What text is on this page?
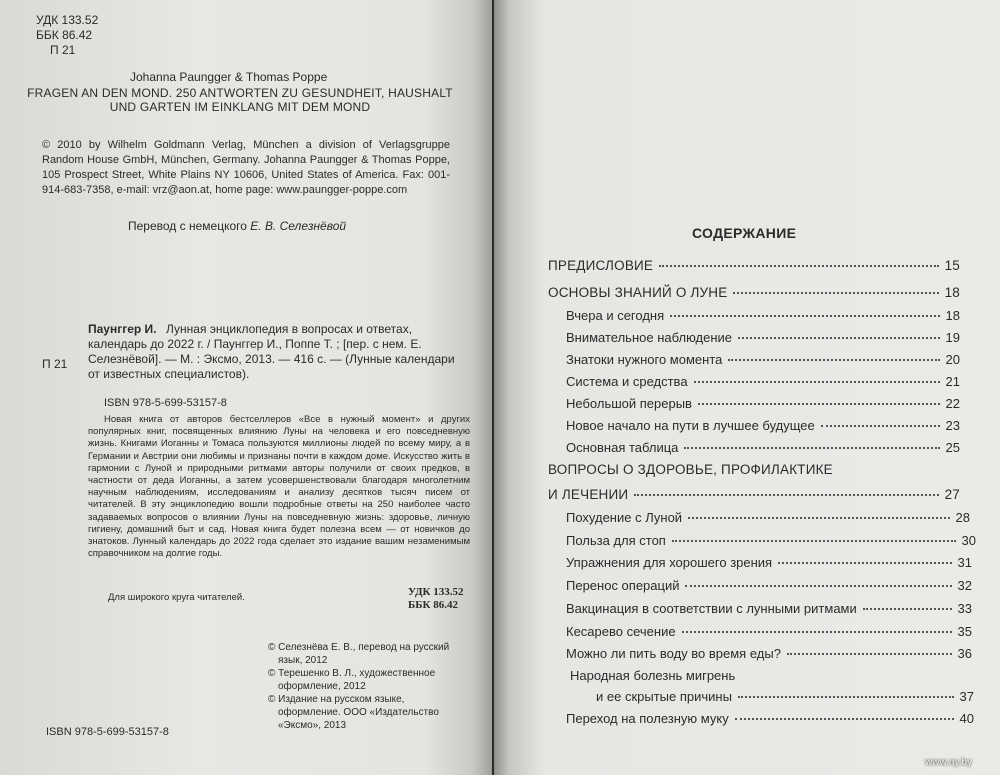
УДК 133.52
ББК 86.42
П 21
Johanna Paungger & Thomas Poppe
FRAGEN AN DEN MOND. 250 ANTWORTEN ZU GESUNDHEIT, HAUSHALT UND GARTEN IM EINKLANG MIT DEM MOND
© 2010 by Wilhelm Goldmann Verlag, München a division of Verlagsgruppe Random House GmbH, München, Germany. Johanna Paungger & Thomas Poppe, 105 Prospect Street, White Plains NY 10606, United States of America. Fax: 001-914-683-7358, e-mail: vrz@aon.at, home page: www.paungger-poppe.com
Перевод с немецкого Е. В. Селезнёвой
Паунггер И.
П 21
Лунная энциклопедия в вопросах и ответах, календарь до 2022 г. / Паунггер И., Поппе Т. ; [пер. с нем. Е. Селезнёвой]. — М. : Эксмо, 2013. — 416 с. — (Лунные календари от известных специалистов).
ISBN 978-5-699-53157-8
Новая книга от авторов бестселлеров «Все в нужный момент» и других популярных книг, посвященных влиянию Луны на человека и его повседневную жизнь. Книгами Иоганны и Томаса пользуются миллионы людей по всему миру, а в Германии и Австрии они любимы и признаны почти в каждом доме. Искусство жить в гармонии с Луной и природными ритмами авторы получили от своих предков, в частности от деда Иоганны, а затем усовершенствовали благодаря многолетним научным наблюдениям, исследованиям и анализу десятков тысяч писем от читателей. В эту энциклопедию вошли подробные ответы на 250 наиболее часто задаваемых вопросов о влиянии Луны на повседневную жизнь: здоровье, личную гигиену, домашний быт и сад. Новая книга будет полезна всем — от новичков до знатоков. Лунный календарь до 2022 года сделает это издание вашим незаменимым справочником на долгие годы.
Для широкого круга читателей.	УДК 133.52
ББК 86.42
© Селезнёва Е. В., перевод на русский язык, 2012
© Терешенко В. Л., художественное оформление, 2012
© Издание на русском языке, оформление. ООО «Издательство «Эксмо», 2013
ISBN 978-5-699-53157-8
СОДЕРЖАНИЕ
ПРЕДИСЛОВИЕ	15
ОСНОВЫ ЗНАНИЙ О ЛУНЕ	18
Вчера и сегодня	18
Внимательное наблюдение	19
Знатоки нужного момента	20
Система и средства	21
Небольшой перерыв	22
Новое начало на пути в лучшее будущее	23
Основная таблица	25
ВОПРОСЫ О ЗДОРОВЬЕ, ПРОФИЛАКТИКЕ
И ЛЕЧЕНИИ	27
Похудение с Луной	28
Польза для стоп	30
Упражнения для хорошего зрения	31
Перенос операций	32
Вакцинация в соответствии с лунными ритмами	33
Кесарево сечение	35
Можно ли пить воду во время еды?	36
Народная болезнь мигрень
и ее скрытые причины	37
Переход на полезную муку	40
www.ay.by
